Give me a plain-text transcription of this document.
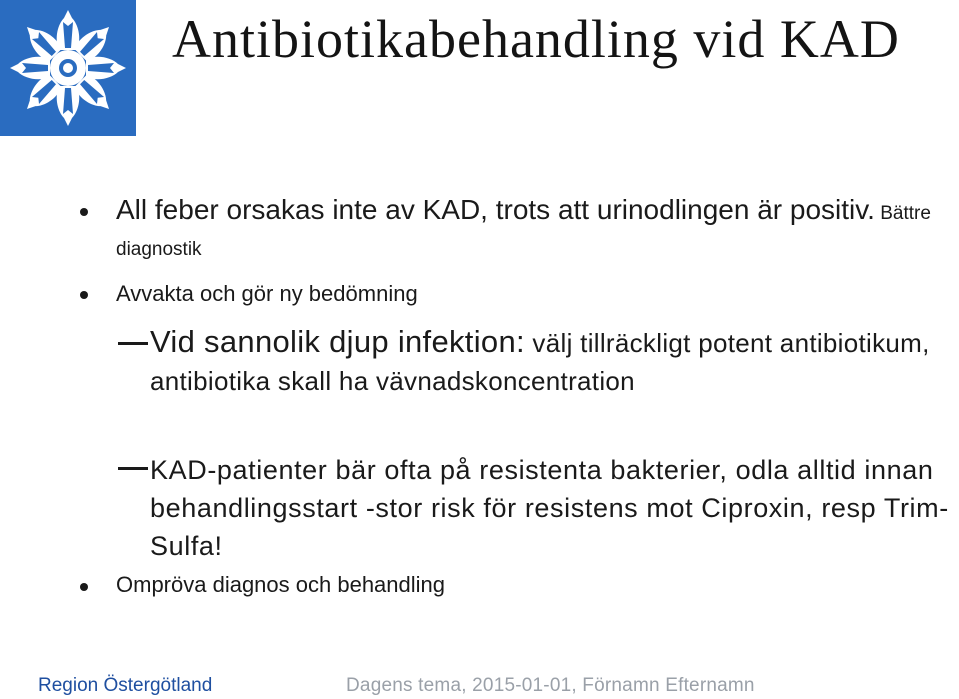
Antibiotikabehandling vid KAD

All feber orsakas inte av KAD, trots att urinodlingen är positiv. Bättre diagnostik

Avvakta och gör ny bedömning

Vid sannolik djup infektion: välj tillräckligt potent antibiotikum, antibiotika skall ha vävnadskoncentration

KAD-patienter bär ofta på resistenta bakterier, odla alltid innan behandlingsstart -stor risk för resistens mot Ciproxin, resp Trim-Sulfa!

Ompröva diagnos och behandling

Region Östergötland	Dagens tema, 2015-01-01, Förnamn Efternamn
